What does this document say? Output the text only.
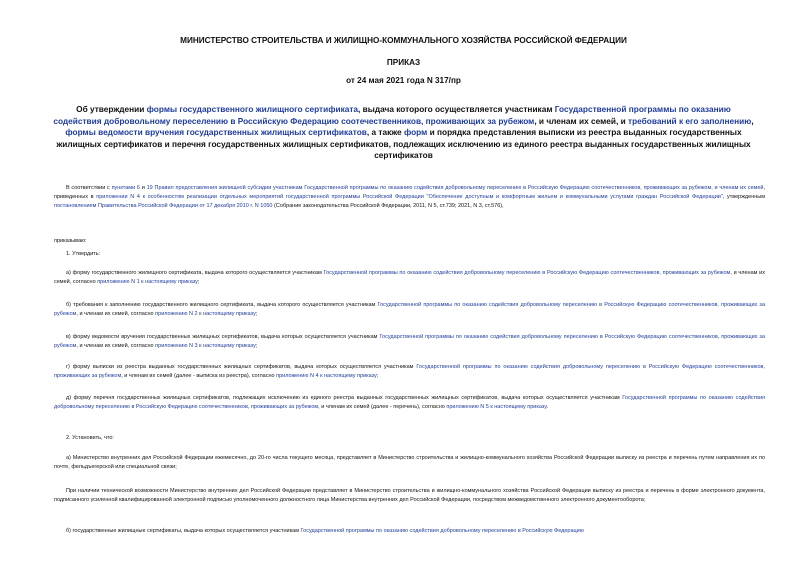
МИНИСТЕРСТВО СТРОИТЕЛЬСТВА И ЖИЛИЩНО-КОММУНАЛЬНОГО ХОЗЯЙСТВА РОССИЙСКОЙ ФЕДЕРАЦИИ
ПРИКАЗ
от 24 мая 2021 года N 317/пр
Об утверждении формы государственного жилищного сертификата, выдача которого осуществляется участникам Государственной программы по оказанию содействия добровольному переселению в Российскую Федерацию соотечественников, проживающих за рубежом, и членам их семей, и требований к его заполнению, формы ведомости вручения государственных жилищных сертификатов, а также форм и порядка представления выписки из реестра выданных государственных жилищных сертификатов и перечня государственных жилищных сертификатов, подлежащих исключению из единого реестра выданных государственных жилищных сертификатов
В соответствии с пунктами 6 и 19 Правил предоставления жилищной субсидии участникам Государственной программы по оказанию содействия добровольному переселению в Российскую Федерацию соотечественников, проживающих за рубежом, и членам их семей, приведенных в приложении N 4 к особенностям реализации отдельных мероприятий государственной программы Российской Федерации "Обеспечение доступным и комфортным жильем и коммунальными услугами граждан Российской Федерации", утвержденным постановлением Правительства Российской Федерации от 17 декабря 2010 г. N 1050 (Собрание законодательства Российской Федерации, 2011, N 5, ст.739; 2021, N 3, ст.576),
приказываю:
1. Утвердить:
а) форму государственного жилищного сертификата, выдача которого осуществляется участникам Государственной программы по оказанию содействия добровольному переселению в Российскую Федерацию соотечественников, проживающих за рубежом, и членам их семей, согласно приложению N 1 к настоящему приказу;
б) требования к заполнению государственного жилищного сертификата, выдача которого осуществляется участникам Государственной программы по оказанию содействия добровольному переселению в Российскую Федерацию соотечественников, проживающих за рубежом, и членам их семей, согласно приложению N 2 к настоящему приказу;
в) форму ведомости вручения государственных жилищных сертификатов, выдача которых осуществляется участникам Государственной программы по оказанию содействия добровольному переселению в Российскую Федерацию соотечественников, проживающих за рубежом, и членам их семей, согласно приложению N 3 к настоящему приказу;
г) форму выписки из реестра выданных государственных жилищных сертификатов, выдача которых осуществляется участникам Государственной программы по оказанию содействия добровольному переселению в Российскую Федерацию соотечественников, проживающих за рубежом, и членам их семей (далее - выписка из реестра), согласно приложению N 4 к настоящему приказу;
д) форму перечня государственных жилищных сертификатов, подлежащих исключению из единого реестра выданных государственных жилищных сертификатов, выдача которых осуществляется участникам Государственной программы по оказанию содействия добровольному переселению в Российскую Федерацию соотечественников, проживающих за рубежом, и членам их семей (далее - перечень), согласно приложению N 5 к настоящему приказу.
2. Установить, что:
а) Министерство внутренних дел Российской Федерации ежемесячно, до 20-го числа текущего месяца, представляет в Министерство строительства и жилищно-коммунального хозяйства Российской Федерации выписку из реестра и перечень путем направления их по почте, фельдъегерской или специальной связи;
При наличии технической возможности Министерство внутренних дел Российской Федерации представляет в Министерство строительства и жилищно-коммунального хозяйства Российской Федерации выписку из реестра и перечень в форме электронного документа, подписанного усиленной квалифицированной электронной подписью уполномоченного должностного лица Министерства внутренних дел Российской Федерации, посредством межведомственного электронного документооборота;
б) государственные жилищные сертификаты, выдача которых осуществляется участникам Государственной программы по оказанию содействия добровольному переселению в Российскую Федерацию
